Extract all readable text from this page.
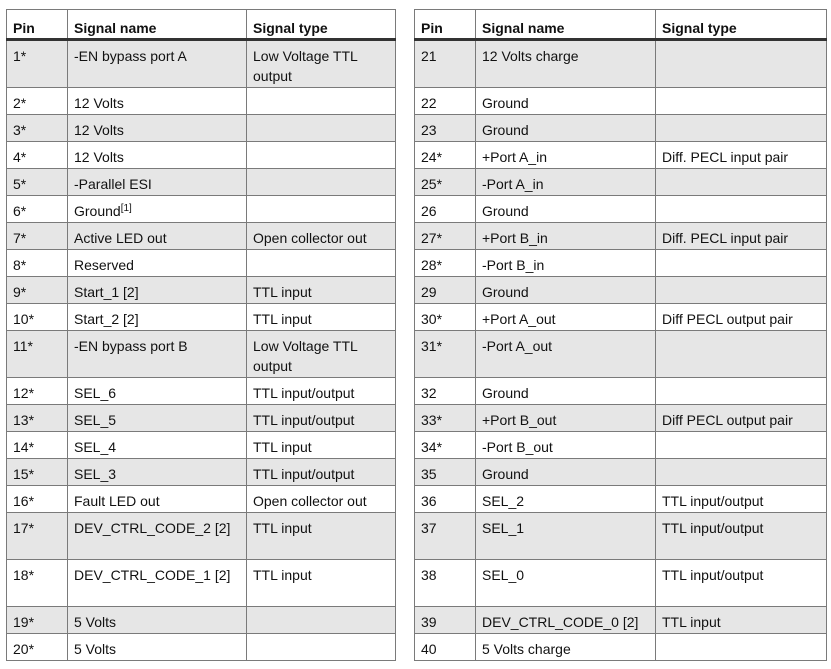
Pin	Signal name	Signal type
1*	-EN bypass port A	Low Voltage TTL output
2*	12 Volts	
3*	12 Volts	
4*	12 Volts	
5*	-Parallel ESI	
6*	Ground[1]	
7*	Active LED out	Open collector out
8*	Reserved	
9*	Start_1 [2]	TTL input
10*	Start_2 [2]	TTL input
11*	-EN bypass port B	Low Voltage TTL output
12*	SEL_6	TTL input/output
13*	SEL_5	TTL input/output
14*	SEL_4	TTL input
15*	SEL_3	TTL input/output
16*	Fault LED out	Open collector out
17*	DEV_CTRL_CODE_2 [2]	TTL input
18*	DEV_CTRL_CODE_1 [2]	TTL input
19*	5 Volts	
20*	5 Volts	
Pin	Signal name	Signal type
21	12 Volts charge	
22	Ground	
23	Ground	
24*	+Port A_in	Diff. PECL input pair
25*	-Port A_in	
26	Ground	
27*	+Port B_in	Diff. PECL input pair
28*	-Port B_in	
29	Ground	
30*	+Port A_out	Diff PECL output pair
31*	-Port A_out	
32	Ground	
33*	+Port B_out	Diff PECL output pair
34*	-Port B_out	
35	Ground	
36	SEL_2	TTL input/output
37	SEL_1	TTL input/output
38	SEL_0	TTL input/output
39	DEV_CTRL_CODE_0 [2]	TTL input
40	5 Volts charge	
